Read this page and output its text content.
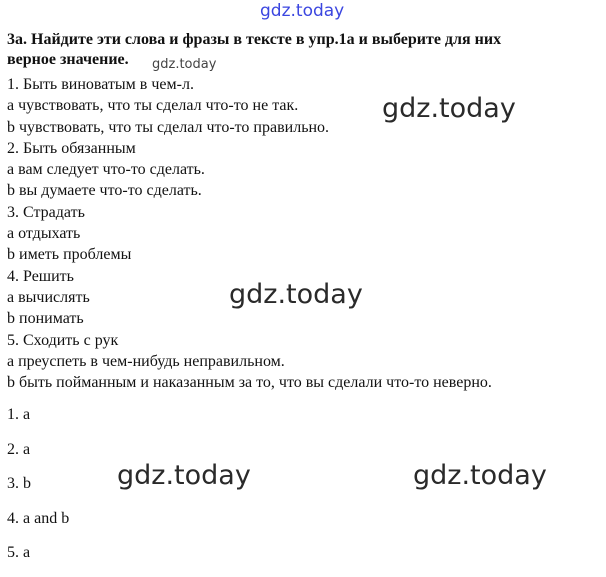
gdz.today
3a. Найдите эти слова и фразы в тексте в упр.1a и выберите для них
верное значение.
1. Быть виноватым в чем-л.
a чувствовать, что ты сделал что-то не так.
b чувствовать, что ты сделал что-то правильно.
2. Быть обязанным
a вам следует что-то сделать.
b вы думаете что-то сделать.
3. Страдать
a отдыхать
b иметь проблемы
4. Решить
a вычислять
b понимать
5. Сходить с рук
a преуспеть в чем-нибудь неправильном.
b быть пойманным и наказанным за то, что вы сделали что-то неверно.
1. a
2. a
3. b
4. a and b
5. a
gdz.today
gdz.today
gdz.today
gdz.today	gdz.today
